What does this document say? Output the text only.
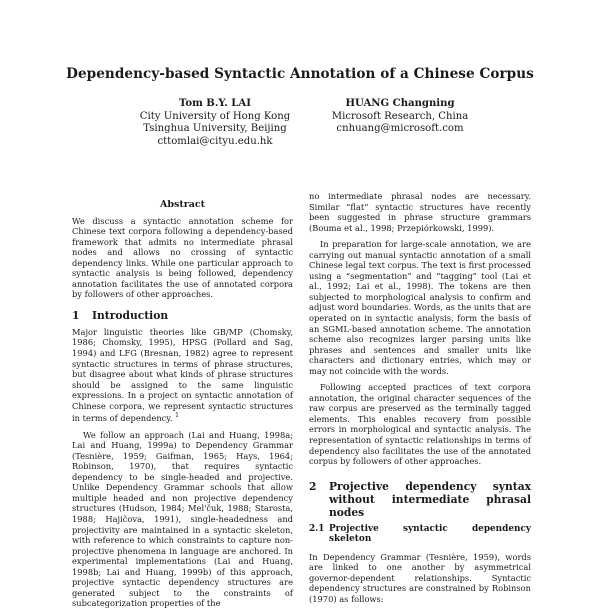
Dependency-based Syntactic Annotation of a Chinese Corpus
Tom B.Y. LAI
City University of Hong Kong
Tsinghua University, Beijing
cttomlai@cityu.edu.hk
HUANG Changning
Microsoft Research, China
cnhuang@microsoft.com
Abstract

We discuss a syntactic annotation scheme for Chinese text corpora following a dependency-based framework that admits no intermediate phrasal nodes and allows no crossing of syntactic dependency links. While one particular approach to syntactic analysis is being followed, dependency annotation facilitates the use of annotated corpora by followers of other approaches.

1	Introduction

Major linguistic theories like GB/MP (Chomsky, 1986; Chomsky, 1995), HPSG (Pollard and Sag, 1994) and LFG (Bresnan, 1982) agree to represent syntactic structures in terms of phrase structures, but disagree about what kinds of phrase structures should be assigned to the same linguistic expressions. In a project on syntactic annotation of Chinese corpora, we represent syntactic structures in terms of dependency. $^1$

We follow an approach (Lai and Huang, 1998a; Lai and Huang, 1999a) to Dependency Grammar (Tesnière, 1959; Gaifman, 1965; Hays, 1964; Robinson, 1970), that requires syntactic dependency to be single-headed and projective. Unlike Dependency Grammar schools that allow multiple headed and non projective dependency structures (Hudson, 1984; Mel'čuk, 1988; Starosta, 1988; Hajičova, 1991), single-headedness and projectivity are maintained in a syntactic skeleton, with reference to which constraints to capture non-projective phenomena in language are anchored. In experimental implementations (Lai and Huang, 1998b; Lai and Huang, 1999b) of this approach, projective syntactic dependency structures are generated subject to the constraints of subcategorization properties of the

no intermediate phrasal nodes are necessary. Similar “flat” syntactic structures have recently been suggested in phrase structure grammars (Bouma et al., 1998; Przepiórkowski, 1999).

In preparation for large-scale annotation, we are carrying out manual syntactic annotation of a small Chinese legal text corpus. The text is first processed using a “segmentation” and “tagging” tool (Lai et al., 1992; Lai et al., 1998). The tokens are then subjected to morphological analysis to confirm and adjust word boundaries. Words, as the units that are operated on in syntactic analysis, form the basis of an SGML-based annotation scheme. The annotation scheme also recognizes larger parsing units like phrases and sentences and smaller units like characters and dictionary entries, which may or may not coincide with the words.

Following accepted practices of text corpora annotation, the original character sequences of the raw corpus are preserved as the terminally tagged elements. This enables recovery from possible errors in morphological and syntactic analysis. The representation of syntactic relationships in terms of dependency also facilitates the use of the annotated corpus by followers of other approaches.

2	Projective dependency syntax without intermediate phrasal nodes
2.1 Projective syntactic dependency skeleton

In Dependency Grammar (Tesnière, 1959), words are linked to one another by asymmetrical governor-dependent relationships. Syntactic dependency structures are constrained by Robinson (1970) as follows:
